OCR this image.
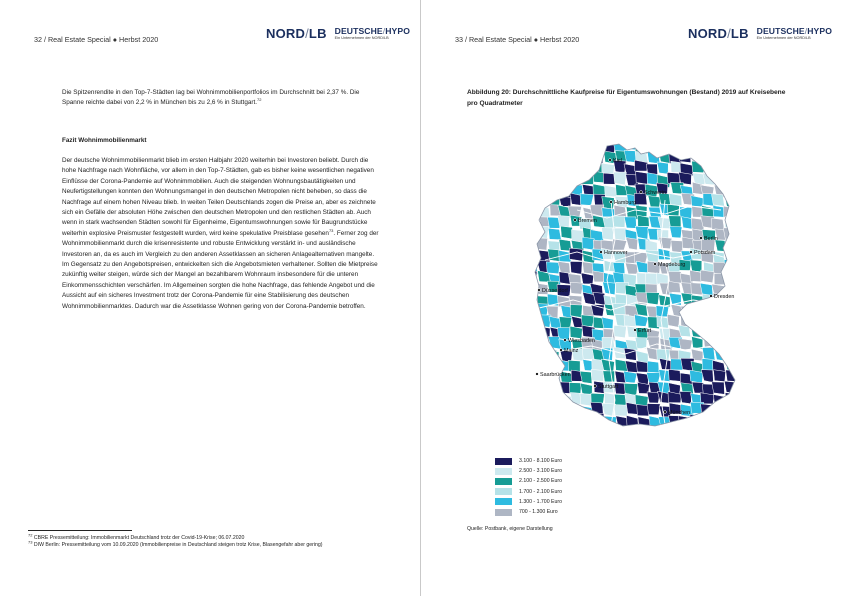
32 / Real Estate Special ● Herbst 2020	NORD/LB DEUTSCHE/HYPO
Ein Unternehmen der NORD/LB

Die Spitzenrendite in den Top-7-Städten lag bei Wohnimmobilienportfolios im Durchschnitt bei 2,37 %. Die Spanne reichte dabei von 2,2 % in München bis zu 2,6 % in Stuttgart.$^{72}$

Fazit Wohnimmobilienmarkt

Der deutsche Wohnimmobilienmarkt blieb im ersten Halbjahr 2020 weiterhin bei Investoren beliebt. Durch die hohe Nachfrage nach Wohnfläche, vor allem in den Top-7-Städten, gab es bisher keine wesentlichen negativen Einflüsse der Corona-Pandemie auf Wohnimmobilien. Auch die steigenden Wohnungsbautätigkeiten und Neufertigstellungen konnten den Wohnungsmangel in den deutschen Metropolen nicht beheben, so dass die Nachfrage auf einem hohen Niveau blieb. In weiten Teilen Deutschlands zogen die Preise an, aber es zeichnete sich ein Gefälle der absoluten Höhe zwischen den deutschen Metropolen und den restlichen Städten ab. Auch wenn in stark wachsenden Städten sowohl für Eigenheime, Eigentumswohnungen sowie für Baugrundstücke weiterhin explosive Preismuster festgestellt wurden, wird keine spekulative Preisblase gesehen$^{73}$. Ferner zog der Wohnimmobilienmarkt durch die krisenresistente und robuste Entwicklung verstärkt in- und ausländische Investoren an, da es auch im Vergleich zu den anderen Assetklassen an sicheren Anlagealternativen mangelte. Im Gegensatz zu den Angebotspreisen, entwickelten sich die Angebotsmieten verhaltener. Sollten die Mietpreise zukünftig weiter steigen, würde sich der Mangel an bezahlbarem Wohnraum insbesondere für die unteren Einkommensschichten verschärfen. Im Allgemeinen sorgten die hohe Nachfrage, das fehlende Angebot und die Aussicht auf ein sicheres Investment trotz der Corona-Pandemie für eine Stabilisierung des deutschen Wohnimmobilienmarktes. Dadurch war die Assetklasse Wohnen gering von der Corona-Pandemie betroffen.

$^{72}$ CBRE Pressemitteilung: Immobilienmarkt Deutschland trotz der Covid-19-Krise; 06.07.2020
$^{73}$ DIW Berlin: Pressemitteilung vom 10.09.2020 (Immobilienpreise in Deutschland steigen trotz Krise, Blasengefahr aber gering)
33 / Real Estate Special ● Herbst 2020	NORD/LB DEUTSCHE/HYPO
Ein Unternehmen der NORD/LB
Abbildung 20: Durchschnittliche Kaufpreise für Eigentumswohnungen (Bestand) 2019 auf Kreisebene pro Quadratmeter
Kiel
Schwerin
Bremen
Hamburg
Berlin
Potsdam
Hannover
Magdeburg
Düsseldorf
Erfurt
Dresden
Wiesbaden
Mainz
Saarbrücken
Stuttgart
München
3.100 - 8.100 Euro
2.500 - 3.100 Euro
2.100 - 2.500 Euro
1.700 - 2.100 Euro
1.300 - 1.700 Euro
700 - 1.300 Euro
Quelle: Postbank, eigene Darstellung
